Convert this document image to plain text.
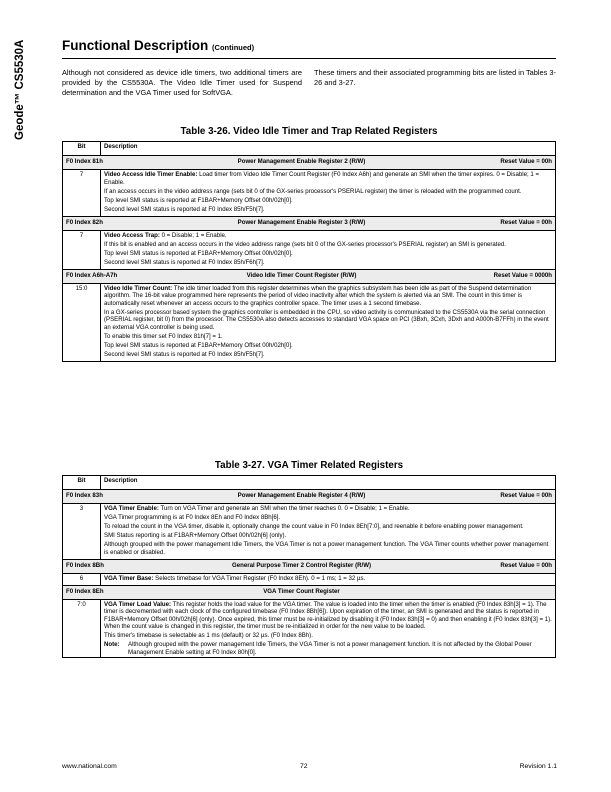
Geode™ CS5530A	Functional Description (Continued)
Although not considered as device idle timers, two additional timers are provided by the CS5530A. The Video Idle Timer used for Suspend determination and the VGA Timer used for SoftVGA.
These timers and their associated programming bits are listed in Tables 3-26 and 3-27.
Table 3-26. Video Idle Timer and Trap Related Registers
Bit	Description

F0 Index 81h Power Management Enable Register 2 (R/W) Reset Value = 00h	

7	Video Access Idle Timer Enable: Load timer from Video Idle Timer Count Register (F0 Index A6h) and generate an SMI when the timer expires. 0 = Disable; 1 = Enable.

If an access occurs in the video address range (sets bit 0 of the GX-series processor's PSERIAL register) the timer is reloaded with the programmed count.

Top level SMI status is reported at F1BAR+Memory Offset 00h/02h[0].

Second level SMI status is reported at F0 Index 85h/F5h[7].

F0 Index 82h Power Management Enable Register 3 (R/W) Reset Value = 00h	

7	Video Access Trap: 0 = Disable; 1 = Enable.

If this bit is enabled and an access occurs in the video address range (sets bit 0 of the GX-series processor's PSERIAL register) an SMI is generated.

Top level SMI status is reported at F1BAR+Memory Offset 00h/02h[0].

Second level SMI status is reported at F0 Index 85h/F6h[7].

F0 Index A6h-A7h Video Idle Timer Count Register (R/W) Reset Value = 0000h	

15:0	Video Idle Timer Count: The idle timer loaded from this register determines when the graphics subsystem has been idle as part of the Suspend determination algorithm. The 16-bit value programmed here represents the period of video inactivity after which the system is alerted via an SMI. The count in this timer is automatically reset whenever an access occurs to the graphics controller space. The timer uses a 1 second timebase.

In a GX-series processor based system the graphics controller is embedded in the CPU, so video activity is communicated to the CS5530A via the serial connection (PSERIAL register, bit 0) from the processor. The CS5530A also detects accesses to standard VGA space on PCI (3Bxh, 3Cxh, 3Dxh and A000h-B7FFh) in the event an external VGA controller is being used.

To enable this timer set F0 Index 81h[7] = 1.

Top level SMI status is reported at F1BAR+Memory Offset 00h/02h[0].

Second level SMI status is reported at F0 Index 85h/F5h[7].

Table 3-27. VGA Timer Related Registers
Bit	Description

F0 Index 83h Power Management Enable Register 4 (R/W) Reset Value = 00h	

3	VGA Timer Enable: Turn on VGA Timer and generate an SMI when the timer reaches 0. 0 = Disable; 1 = Enable.

VGA Timer programming is at F0 Index 8Eh and F0 Index 8Bh[6].

To reload the count in the VGA timer, disable it, optionally change the count value in F0 Index 8Eh[7:0], and reenable it before enabling power management.

SMI Status reporting is at F1BAR+Memory Offset 00h/02h[6] (only).

Although grouped with the power management Idle Timers, the VGA Timer is not a power management function. The VGA Timer counts whether power management is enabled or disabled.

F0 Index 8Bh General Purpose Timer 2 Control Register (R/W) Reset Value = 00h	

6	VGA Timer Base: Selects timebase for VGA Timer Register (F0 Index 8Eh). 0 = 1 ms; 1 = 32 µs.

F0 Index 8Eh VGA Timer Count Register	

7:0	VGA Timer Load Value: This register holds the load value for the VGA timer. The value is loaded into the timer when the timer is enabled (F0 Index 83h[3] = 1). The timer is decremented with each clock of the configured timebase (F0 Index 8Bh[6]). Upon expiration of the timer, an SMI is generated and the status is reported in F1BAR+Memory Offset 00h/02h[6] (only). Once expired, this timer must be re-initialized by disabling it (F0 Index 83h[3] = 0) and then enabling it (F0 Index 83h[3] = 1). When the count value is changed in this register, the timer must be re-initialized in order for the new value to be loaded.

This timer's timebase is selectable as 1 ms (default) or 32 µs. (F0 Index 8Bh).

Note: Although grouped with the power management Idle Timers, the VGA Timer is not a power management function. It is not affected by the Global Power Management Enable setting at F0 Index 80h[0].
www.national.com	72	Revision 1.1
